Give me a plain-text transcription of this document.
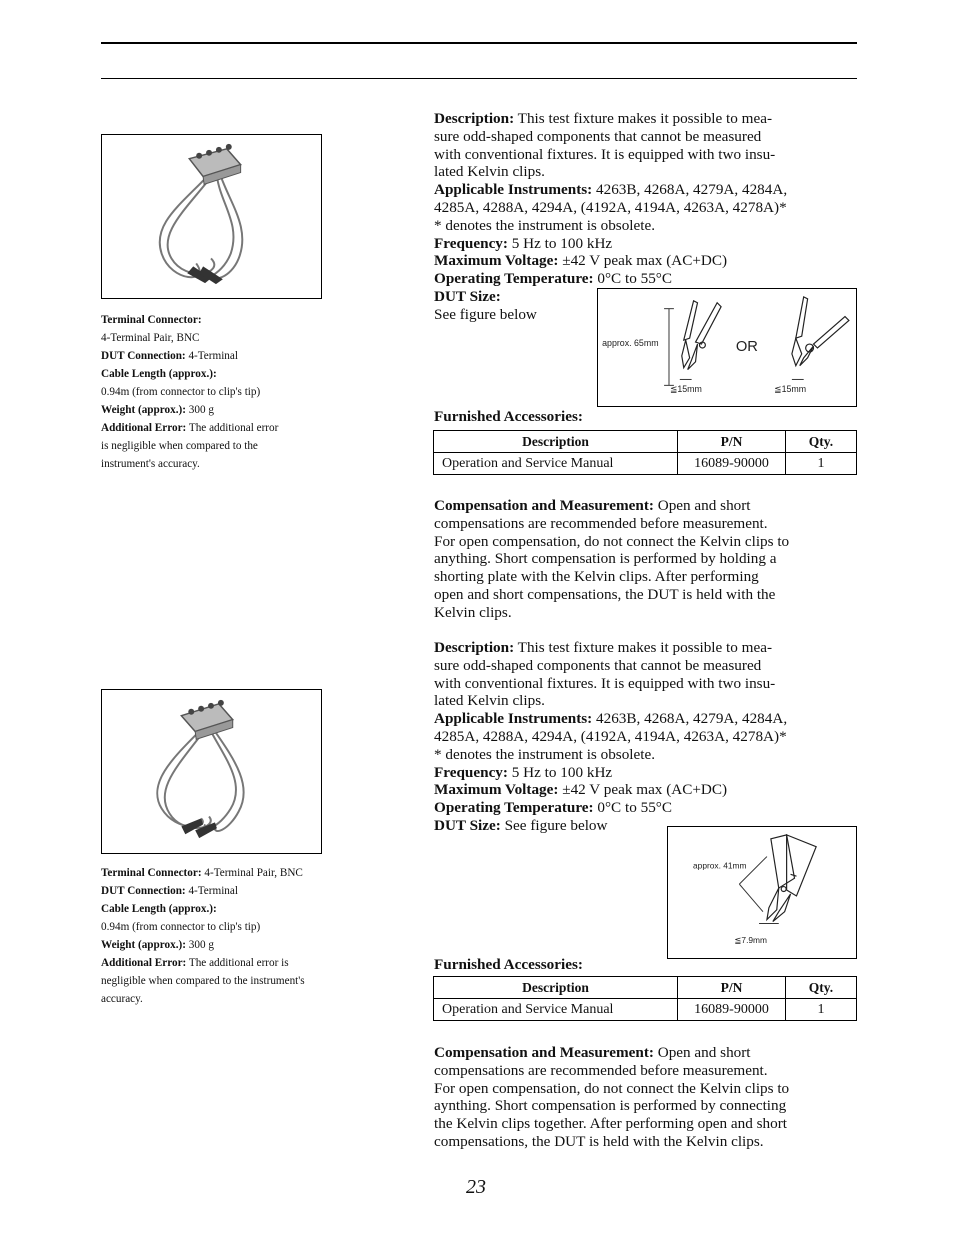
Terminal Connector:
4-Terminal Pair, BNC
DUT Connection: 4-Terminal
Cable Length (approx.):
0.94m (from connector to clip's tip)
Weight (approx.): 300 g
Additional Error: The additional error
is negligible when compared to the
instrument's accuracy.
Terminal Connector: 4-Terminal Pair, BNC
DUT Connection: 4-Terminal
Cable Length (approx.):
0.94m (from connector to clip's tip)
Weight (approx.): 300 g
Additional Error: The additional error is
negligible when compared to the instrument's
accuracy.

Description: This test fixture makes it possible to mea-

sure odd-shaped components that cannot be measured

with conventional fixtures. It is equipped with two insu-

lated Kelvin clips.

Applicable Instruments: 4263B, 4268A, 4279A, 4284A,

4285A, 4288A, 4294A, (4192A, 4194A, 4263A, 4278A)*

* denotes the instrument is obsolete.

Frequency: 5 Hz to 100 kHz

Maximum Voltage: ±42 V peak max (AC+DC)

Operating Temperature: 0°C to 55°C

DUT Size:

See figure below

approx. 65mm	OR
≦15mm	≦15mm
Furnished Accessories:
Description	P/N	Qty.
Operation and Service Manual	16089-90000	1

Compensation and Measurement: Open and short

compensations are recommended before measurement.

For open compensation, do not connect the Kelvin clips to

anything. Short compensation is performed by holding a

shorting plate with the Kelvin clips. After performing

open and short compensations, the DUT is held with the

Kelvin clips.

Description: This test fixture makes it possible to mea-

sure odd-shaped components that cannot be measured

with conventional fixtures. It is equipped with two insu-

lated Kelvin clips.

Applicable Instruments: 4263B, 4268A, 4279A, 4284A,

4285A, 4288A, 4294A, (4192A, 4194A, 4263A, 4278A)*

* denotes the instrument is obsolete.

Frequency: 5 Hz to 100 kHz

Maximum Voltage: ±42 V peak max (AC+DC)

Operating Temperature: 0°C to 55°C

DUT Size: See figure below

approx. 41mm
≦7.9mm
Furnished Accessories:
Description	P/N	Qty.
Operation and Service Manual	16089-90000	1

Compensation and Measurement: Open and short

compensations are recommended before measurement.

For open compensation, do not connect the Kelvin clips to

aynthing. Short compensation is performed by connecting

the Kelvin clips together. After performing open and short

compensations, the DUT is held with the Kelvin clips.

23
